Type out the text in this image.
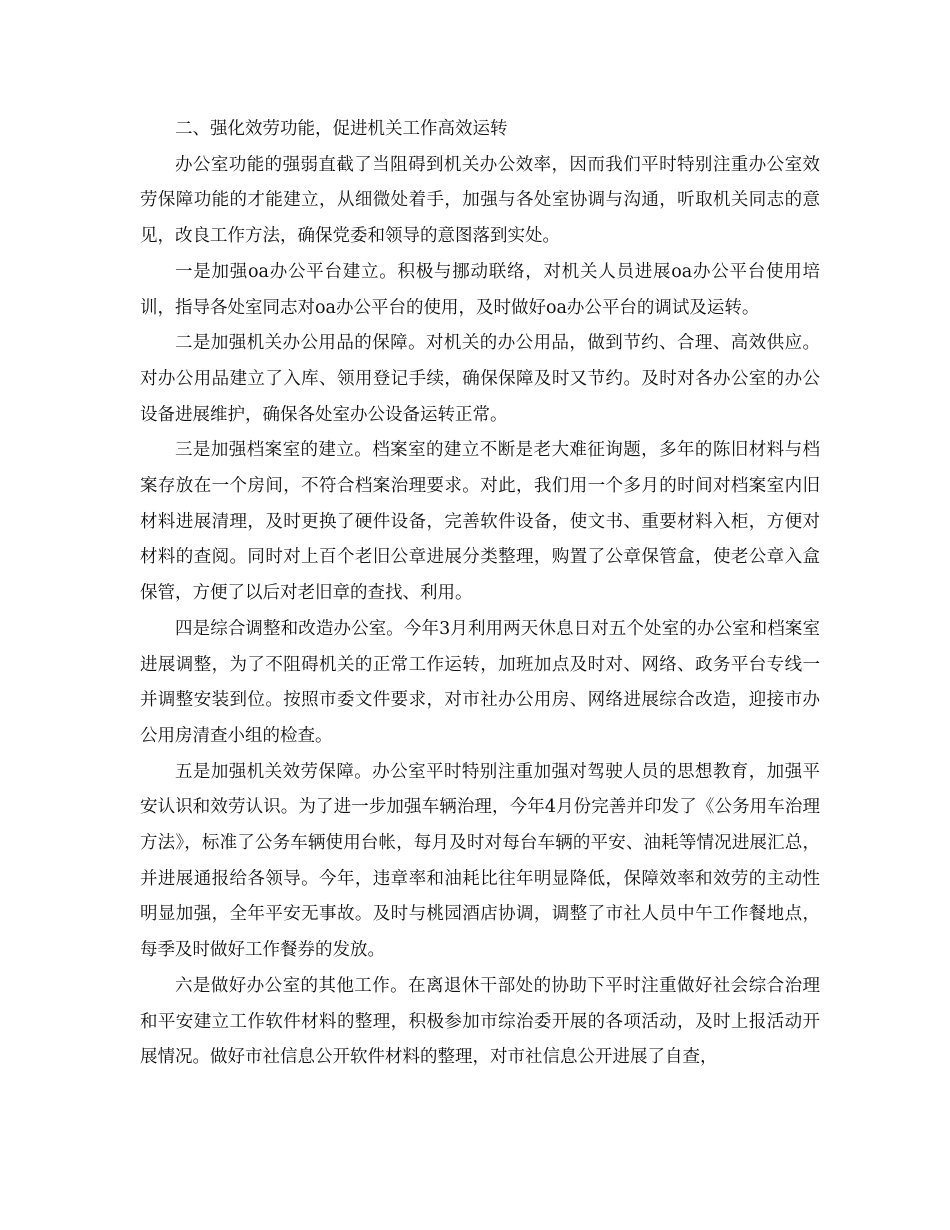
二、强化效劳功能，促进机关工作高效运转

办公室功能的强弱直截了当阻碍到机关办公效率，因而我们平时特别注重办公室效劳保障功能的才能建立，从细微处着手，加强与各处室协调与沟通，听取机关同志的意见，改良工作方法，确保党委和领导的意图落到实处。

一是加强oa办公平台建立。积极与挪动联络，对机关人员进展oa办公平台使用培训，指导各处室同志对oa办公平台的使用，及时做好oa办公平台的调试及运转。

二是加强机关办公用品的保障。对机关的办公用品，做到节约、合理、高效供应。对办公用品建立了入库、领用登记手续，确保保障及时又节约。及时对各办公室的办公设备进展维护，确保各处室办公设备运转正常。

三是加强档案室的建立。档案室的建立不断是老大难征询题，多年的陈旧材料与档案存放在一个房间，不符合档案治理要求。对此，我们用一个多月的时间对档案室内旧材料进展清理，及时更换了硬件设备，完善软件设备，使文书、重要材料入柜，方便对材料的查阅。同时对上百个老旧公章进展分类整理，购置了公章保管盒，使老公章入盒保管，方便了以后对老旧章的查找、利用。

四是综合调整和改造办公室。今年3月利用两天休息日对五个处室的办公室和档案室进展调整，为了不阻碍机关的正常工作运转，加班加点及时对、网络、政务平台专线一并调整安装到位。按照市委文件要求，对市社办公用房、网络进展综合改造，迎接市办公用房清查小组的检查。

五是加强机关效劳保障。办公室平时特别注重加强对驾驶人员的思想教育，加强平安认识和效劳认识。为了进一步加强车辆治理，今年4月份完善并印发了《公务用车治理方法》，标准了公务车辆使用台帐，每月及时对每台车辆的平安、油耗等情况进展汇总，并进展通报给各领导。今年，违章率和油耗比往年明显降低，保障效率和效劳的主动性明显加强，全年平安无事故。及时与桃园酒店协调，调整了市社人员中午工作餐地点，每季及时做好工作餐券的发放。

六是做好办公室的其他工作。在离退休干部处的协助下平时注重做好社会综合治理和平安建立工作软件材料的整理，积极参加市综治委开展的各项活动，及时上报活动开展情况。做好市社信息公开软件材料的整理，对市社信息公开进展了自查，
